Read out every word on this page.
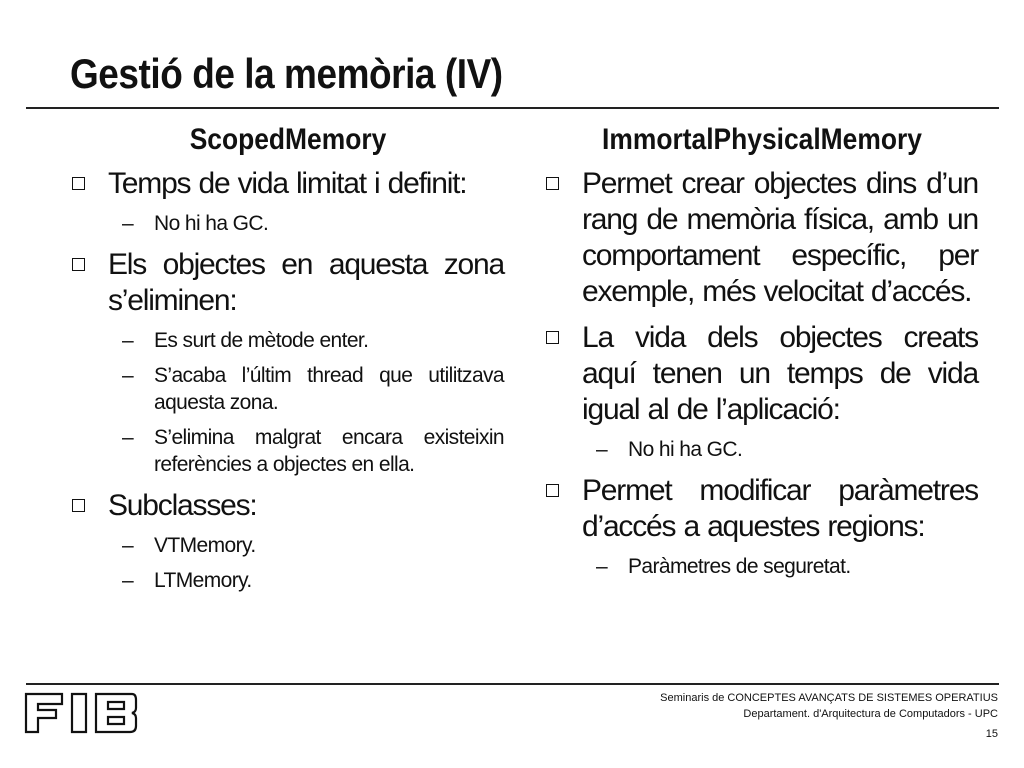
Gestió de la memòria (IV)
ScopedMemory
Temps de vida limitat i definit:
– No hi ha GC.
Els objectes en aquesta zona s’eliminen:
– Es surt de mètode enter.
– S’acaba l’últim thread que utilitzava aquesta zona.
– S’elimina malgrat encara existeixin referències a objectes en ella.
Subclasses:
– VTMemory.
– LTMemory.
ImmortalPhysicalMemory
Permet crear objectes dins d’un rang de memòria física, amb un comportament específic, per exemple, més velocitat d’accés.
La vida dels objectes creats aquí tenen un temps de vida igual al de l’aplicació:
– No hi ha GC.
Permet modificar paràmetres d’accés a aquestes regions:
– Paràmetres de seguretat.
Seminaris de CONCEPTES AVANÇATS DE SISTEMES OPERATIUS
Departament. d'Arquitectura de Computadors - UPC
15
